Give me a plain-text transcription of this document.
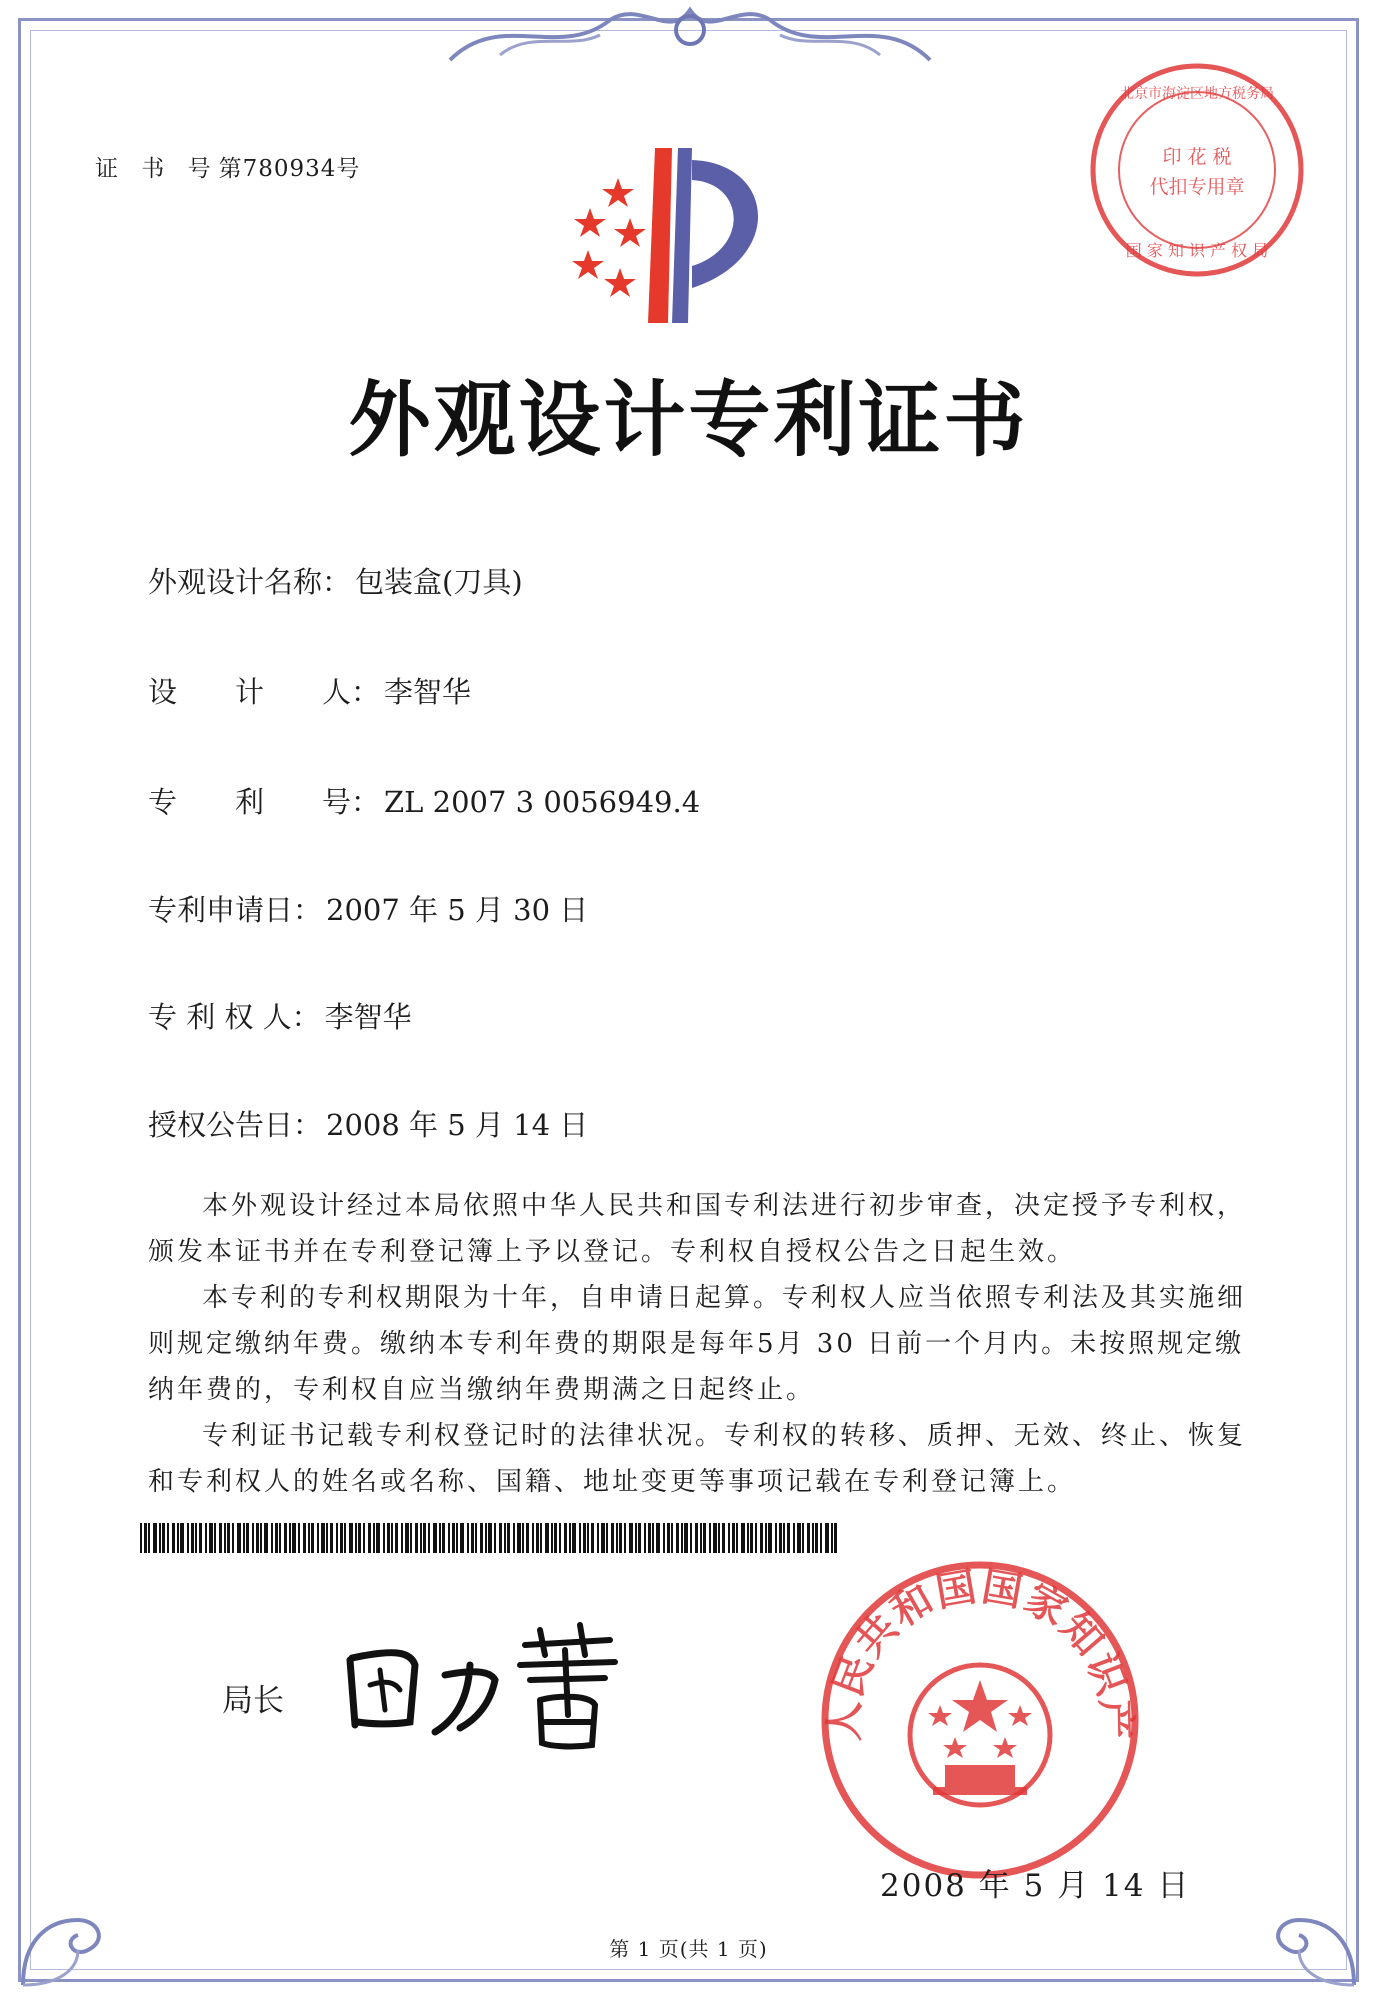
证 书 号第780934号	印 花 税
代扣专用章
北京市海淀区地方税务局
国 家 知 识 产 权 局
外观设计专利证书
外观设计名称： 包装盒(刀具)
设　　计　　人： 李智华
专　　利　　号： ZL 2007 3 0056949.4
专利申请日： 2007 年 5 月 30 日
专 利 权 人： 李智华
授权公告日： 2008 年 5 月 14 日

本外观设计经过本局依照中华人民共和国专利法进行初步审查，决定授予专利权，颁发本证书并在专利登记簿上予以登记。专利权自授权公告之日起生效。

本专利的专利权期限为十年，自申请日起算。专利权人应当依照专利法及其实施细则规定缴纳年费。缴纳本专利年费的期限是每年5月 30 日前一个月内。未按照规定缴纳年费的，专利权自应当缴纳年费期满之日起终止。

专利证书记载专利权登记时的法律状况。专利权的转移、质押、无效、终止、恢复和专利权人的姓名或名称、国籍、地址变更等事项记载在专利登记簿上。

人民共和国国家知识产
局长
2008 年 5 月 14 日
第 1 页(共 1 页)
